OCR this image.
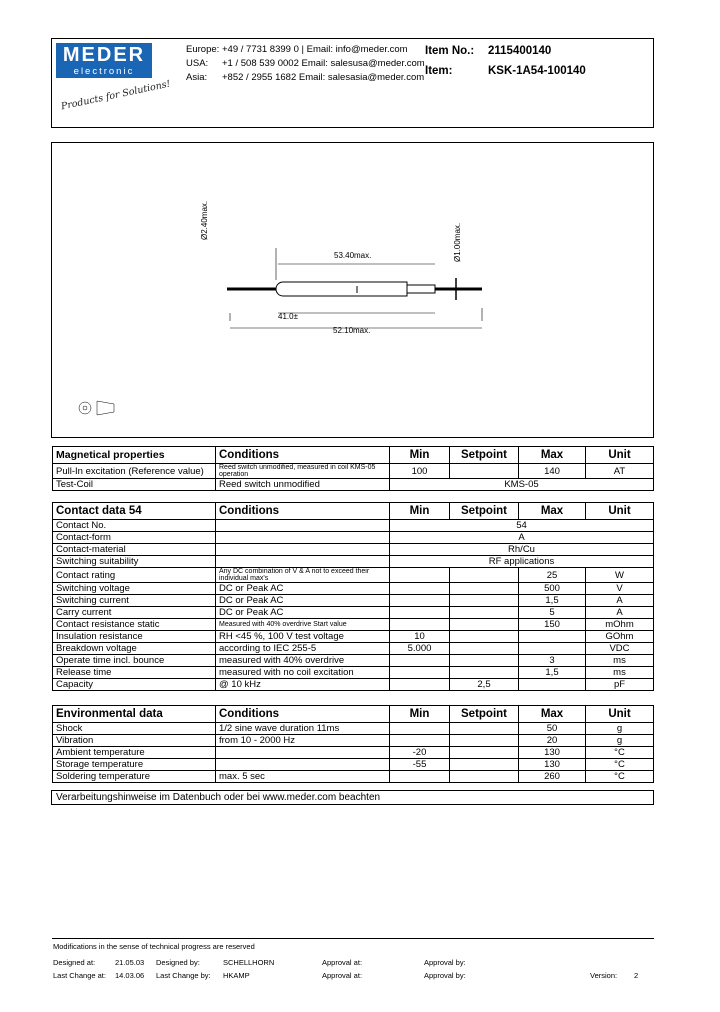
MEDER
electronic
Products for Solutions!
Europe: +49 / 7731 8399 0 | Email: info@meder.com
USA: +1 / 508 539 0002 Email: salesusa@meder.com
Asia: +852 / 2955 1682 Email: salesasia@meder.com
Item No.: 2115400140
Item:	KSK-1A54-100140
Ø2.40max.
53.40max.	Ø1.00max.
41.0±
52.10max.
Magnetical properties	Conditions	Min	Setpoint	Max	Unit
Pull-In excitation (Reference value)	Reed switch unmodified, measured in coil KMS-05 operation	100		140	AT
Test-Coil	Reed switch unmodified	KMS-05			
Contact data 54	Conditions	Min	Setpoint	Max	Unit
Contact No.		54			
Contact-form		A			
Contact-material		Rh/Cu			
Switching suitability		RF applications			
Contact rating	Any DC combination of V & A not to exceed their individual max's			25	W
Switching voltage	DC or Peak AC			500	V
Switching current	DC or Peak AC			1,5	A
Carry current	DC or Peak AC			5	A
Contact resistance static	Measured with 40% overdrive Start value			150	mOhm
Insulation resistance	RH <45 %, 100 V test voltage	10			GOhm
Breakdown voltage	according to IEC 255-5	5.000			VDC
Operate time incl. bounce	measured with 40% overdrive			3	ms
Release time	measured with no coil excitation			1,5	ms
Capacity	@ 10 kHz		2,5		pF
Environmental data	Conditions	Min	Setpoint	Max	Unit
Shock	1/2 sine wave duration 11ms			50	g
Vibration	from 10 - 2000 Hz			20	g
Ambient temperature		-20		130	°C
Storage temperature		-55		130	°C
Soldering temperature	max. 5 sec			260	°C
Verarbeitungshinweise im Datenbuch oder bei www.meder.com beachten
Modifications in the sense of technical progress are reserved
Designed at:	21.05.03 Designed by:	SCHELLHORN	Approval at:	Approval by:
Last Change at: 14.03.06 Last Change by: HKAMP	Approval at:	Approval by:	Version: 2
